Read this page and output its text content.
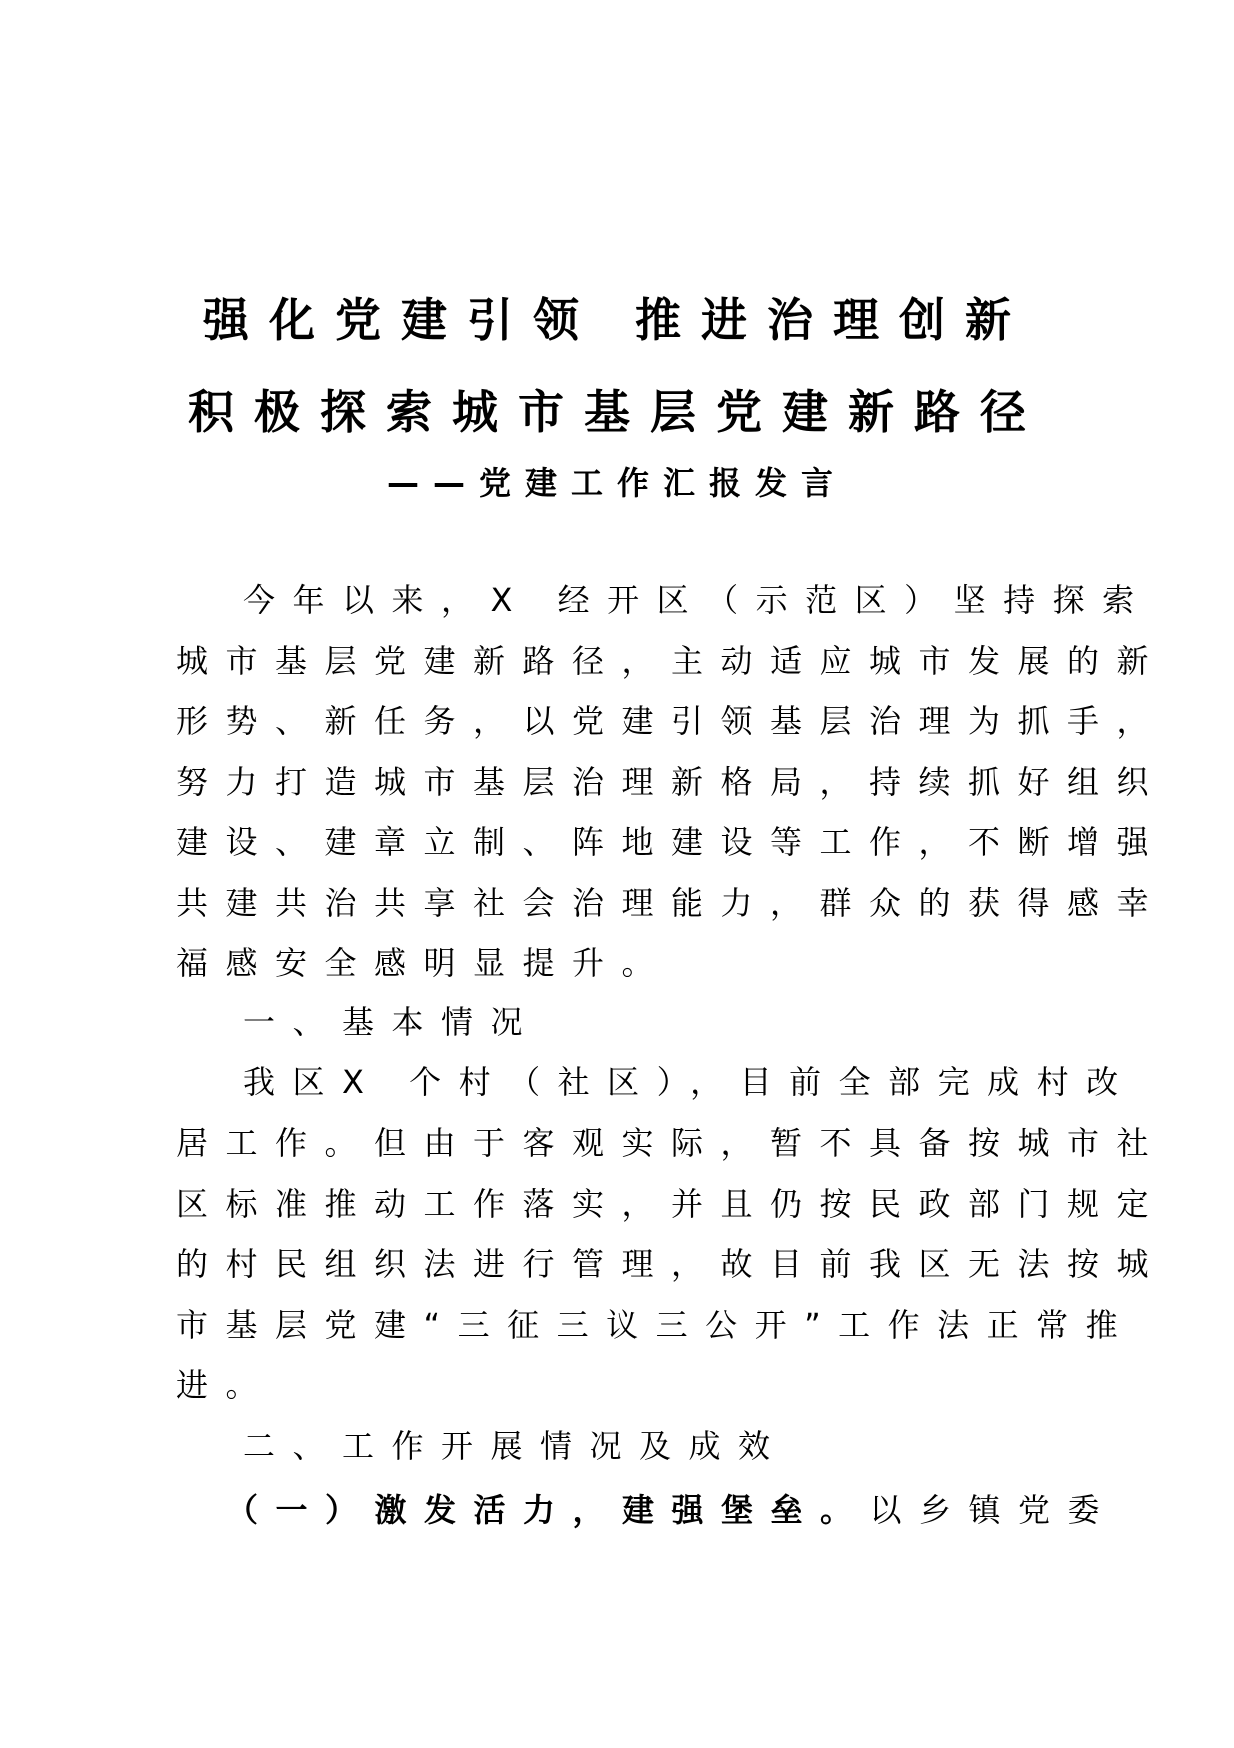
强化党建引领 推进治理创新
积极探索城市基层党建新路径
——党建工作汇报发言
今年以来，X 经开区（示范区）坚持探索
城市基层党建新路径，主动适应城市发展的新
形势、新任务，以党建引领基层治理为抓手，
努力打造城市基层治理新格局，持续抓好组织
建设、建章立制、阵地建设等工作，不断增强
共建共治共享社会治理能力，群众的获得感幸
福感安全感明显提升。
一、基本情况
我区X 个村（社区），目前全部完成村改
居工作。但由于客观实际，暂不具备按城市社
区标准推动工作落实，并且仍按民政部门规定
的村民组织法进行管理，故目前我区无法按城
市基层党建“三征三议三公开”工作法正常推
进。
二、工作开展情况及成效
（一）激发活力，建强堡垒。以乡镇党委
